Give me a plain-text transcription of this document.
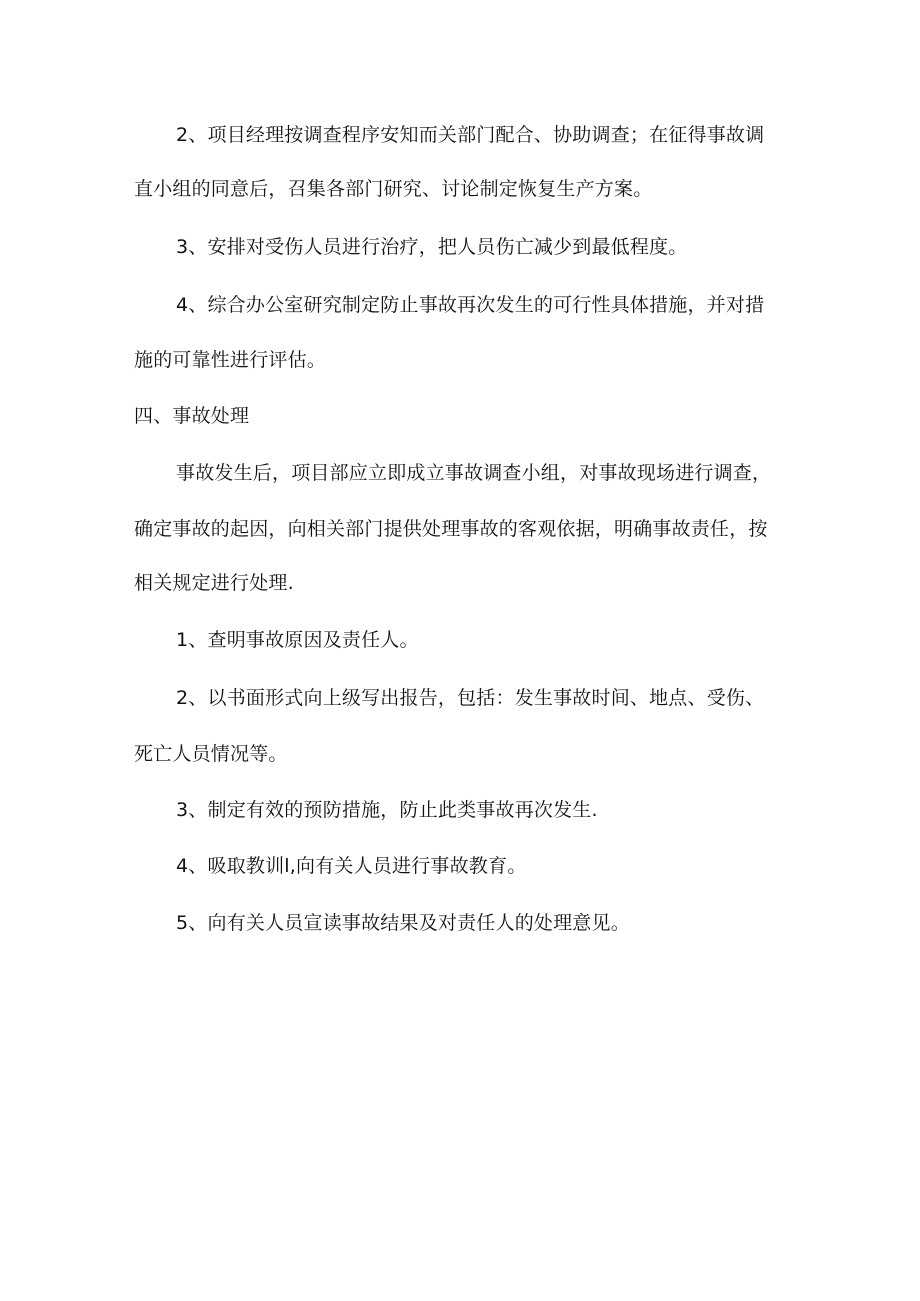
2、项目经理按调查程序安知而关部门配合、协助调查；在征得事故调
直小组的同意后，召集各部门研究、讨论制定恢复生产方案。
3、安排对受伤人员进行治疗，把人员伤亡减少到最低程度。
4、综合办公室研究制定防止事故再次发生的可行性具体措施，并对措
施的可靠性进行评估。
四、事故处理
事故发生后，项目部应立即成立事故调查小组，对事故现场进行调查，
确定事故的起因，向相关部门提供处理事故的客观依据，明确事故责任，按
相关规定进行处理.
1、查明事故原因及责任人。
2、以书面形式向上级写出报告，包括：发生事故时间、地点、受伤、
死亡人员情况等。
3、制定有效的预防措施，防止此类事故再次发生.
4、吸取教训l,向有关人员进行事故教育。
5、向有关人员宣读事故结果及对责任人的处理意见。
